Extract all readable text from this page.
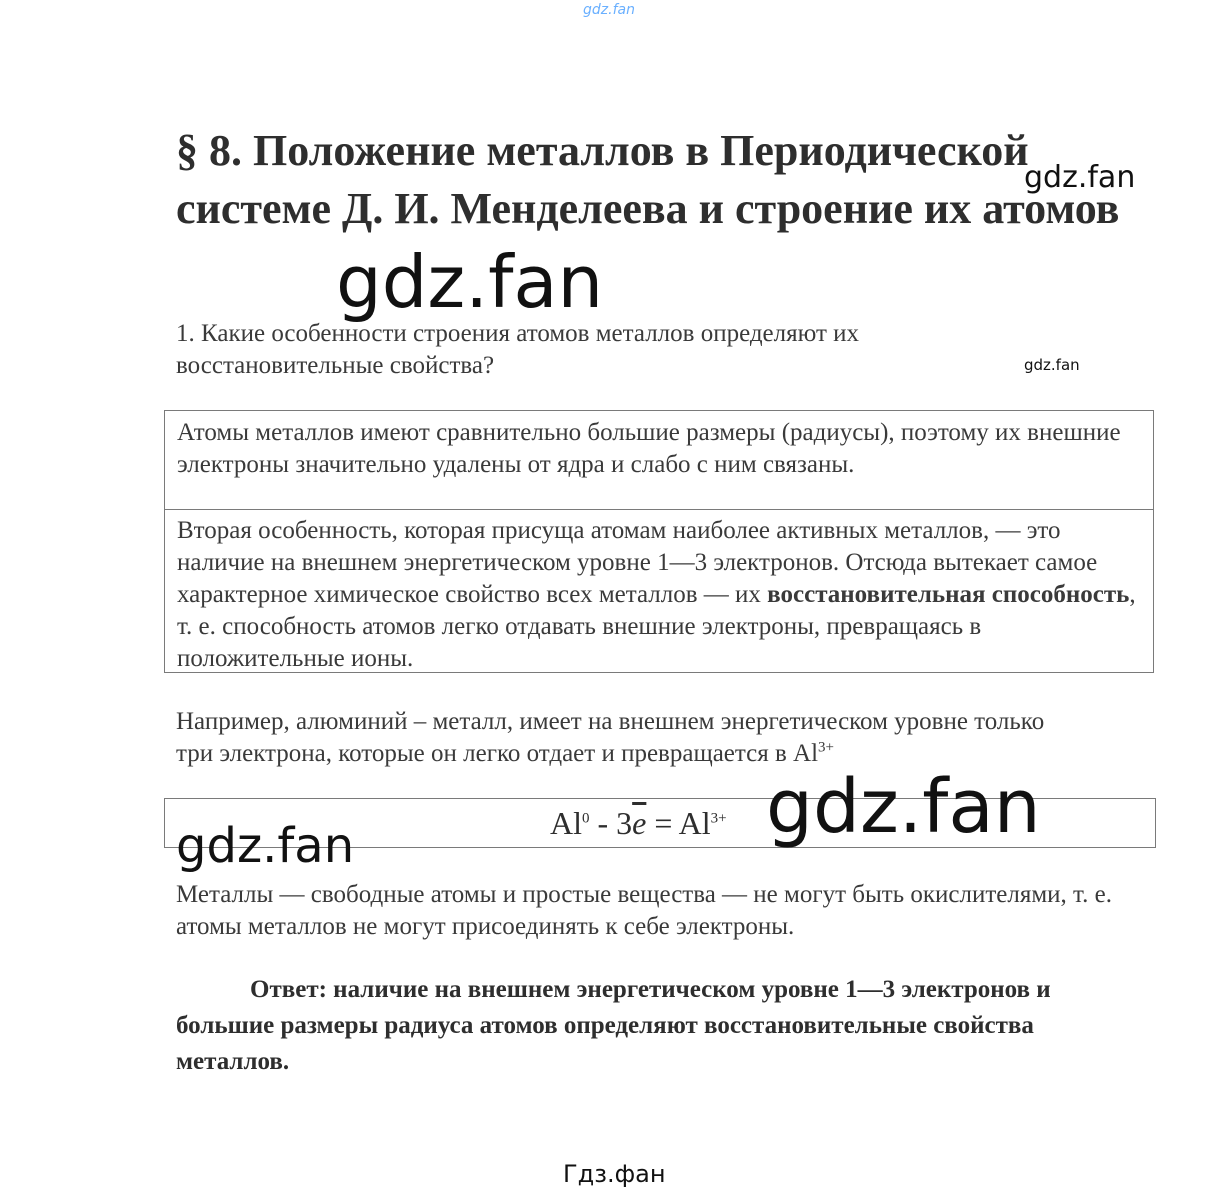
gdz.fan
§ 8. Положение металлов в Периодической системе Д. И. Менделеева и строение их атомов
1. Какие особенности строения атомов металлов определяют их восстановительные свойства?
Атомы металлов имеют сравнительно большие размеры (радиусы), поэтому их внешние электроны значительно удалены от ядра и слабо с ним связаны.
Вторая особенность, которая присуща атомам наиболее активных металлов, — это наличие на внешнем энергетическом уровне 1—3 электронов. Отсюда вытекает самое характерное химическое свойство всех металлов — их восстановительная способность, т. е. способность атомов легко отдавать внешние электроны, превращаясь в положительные ионы.
Например, алюминий – металл, имеет на внешнем энергетическом уровне только три электрона, которые он легко отдает и превращается в $Al^{3+}$
$Al^0 - 3\overline{e} = Al^{3+}$
Металлы — свободные атомы и простые вещества — не могут быть окислителями, т. е. атомы металлов не могут присоединять к себе электроны.
Ответ: наличие на внешнем энергетическом уровне 1—3 электронов и большие размеры радиуса атомов определяют восстановительные свойства металлов.
gdz.fan
gdz.fan
gdz.fan
gdz.fan
gdz.fan
Гдз.фан
